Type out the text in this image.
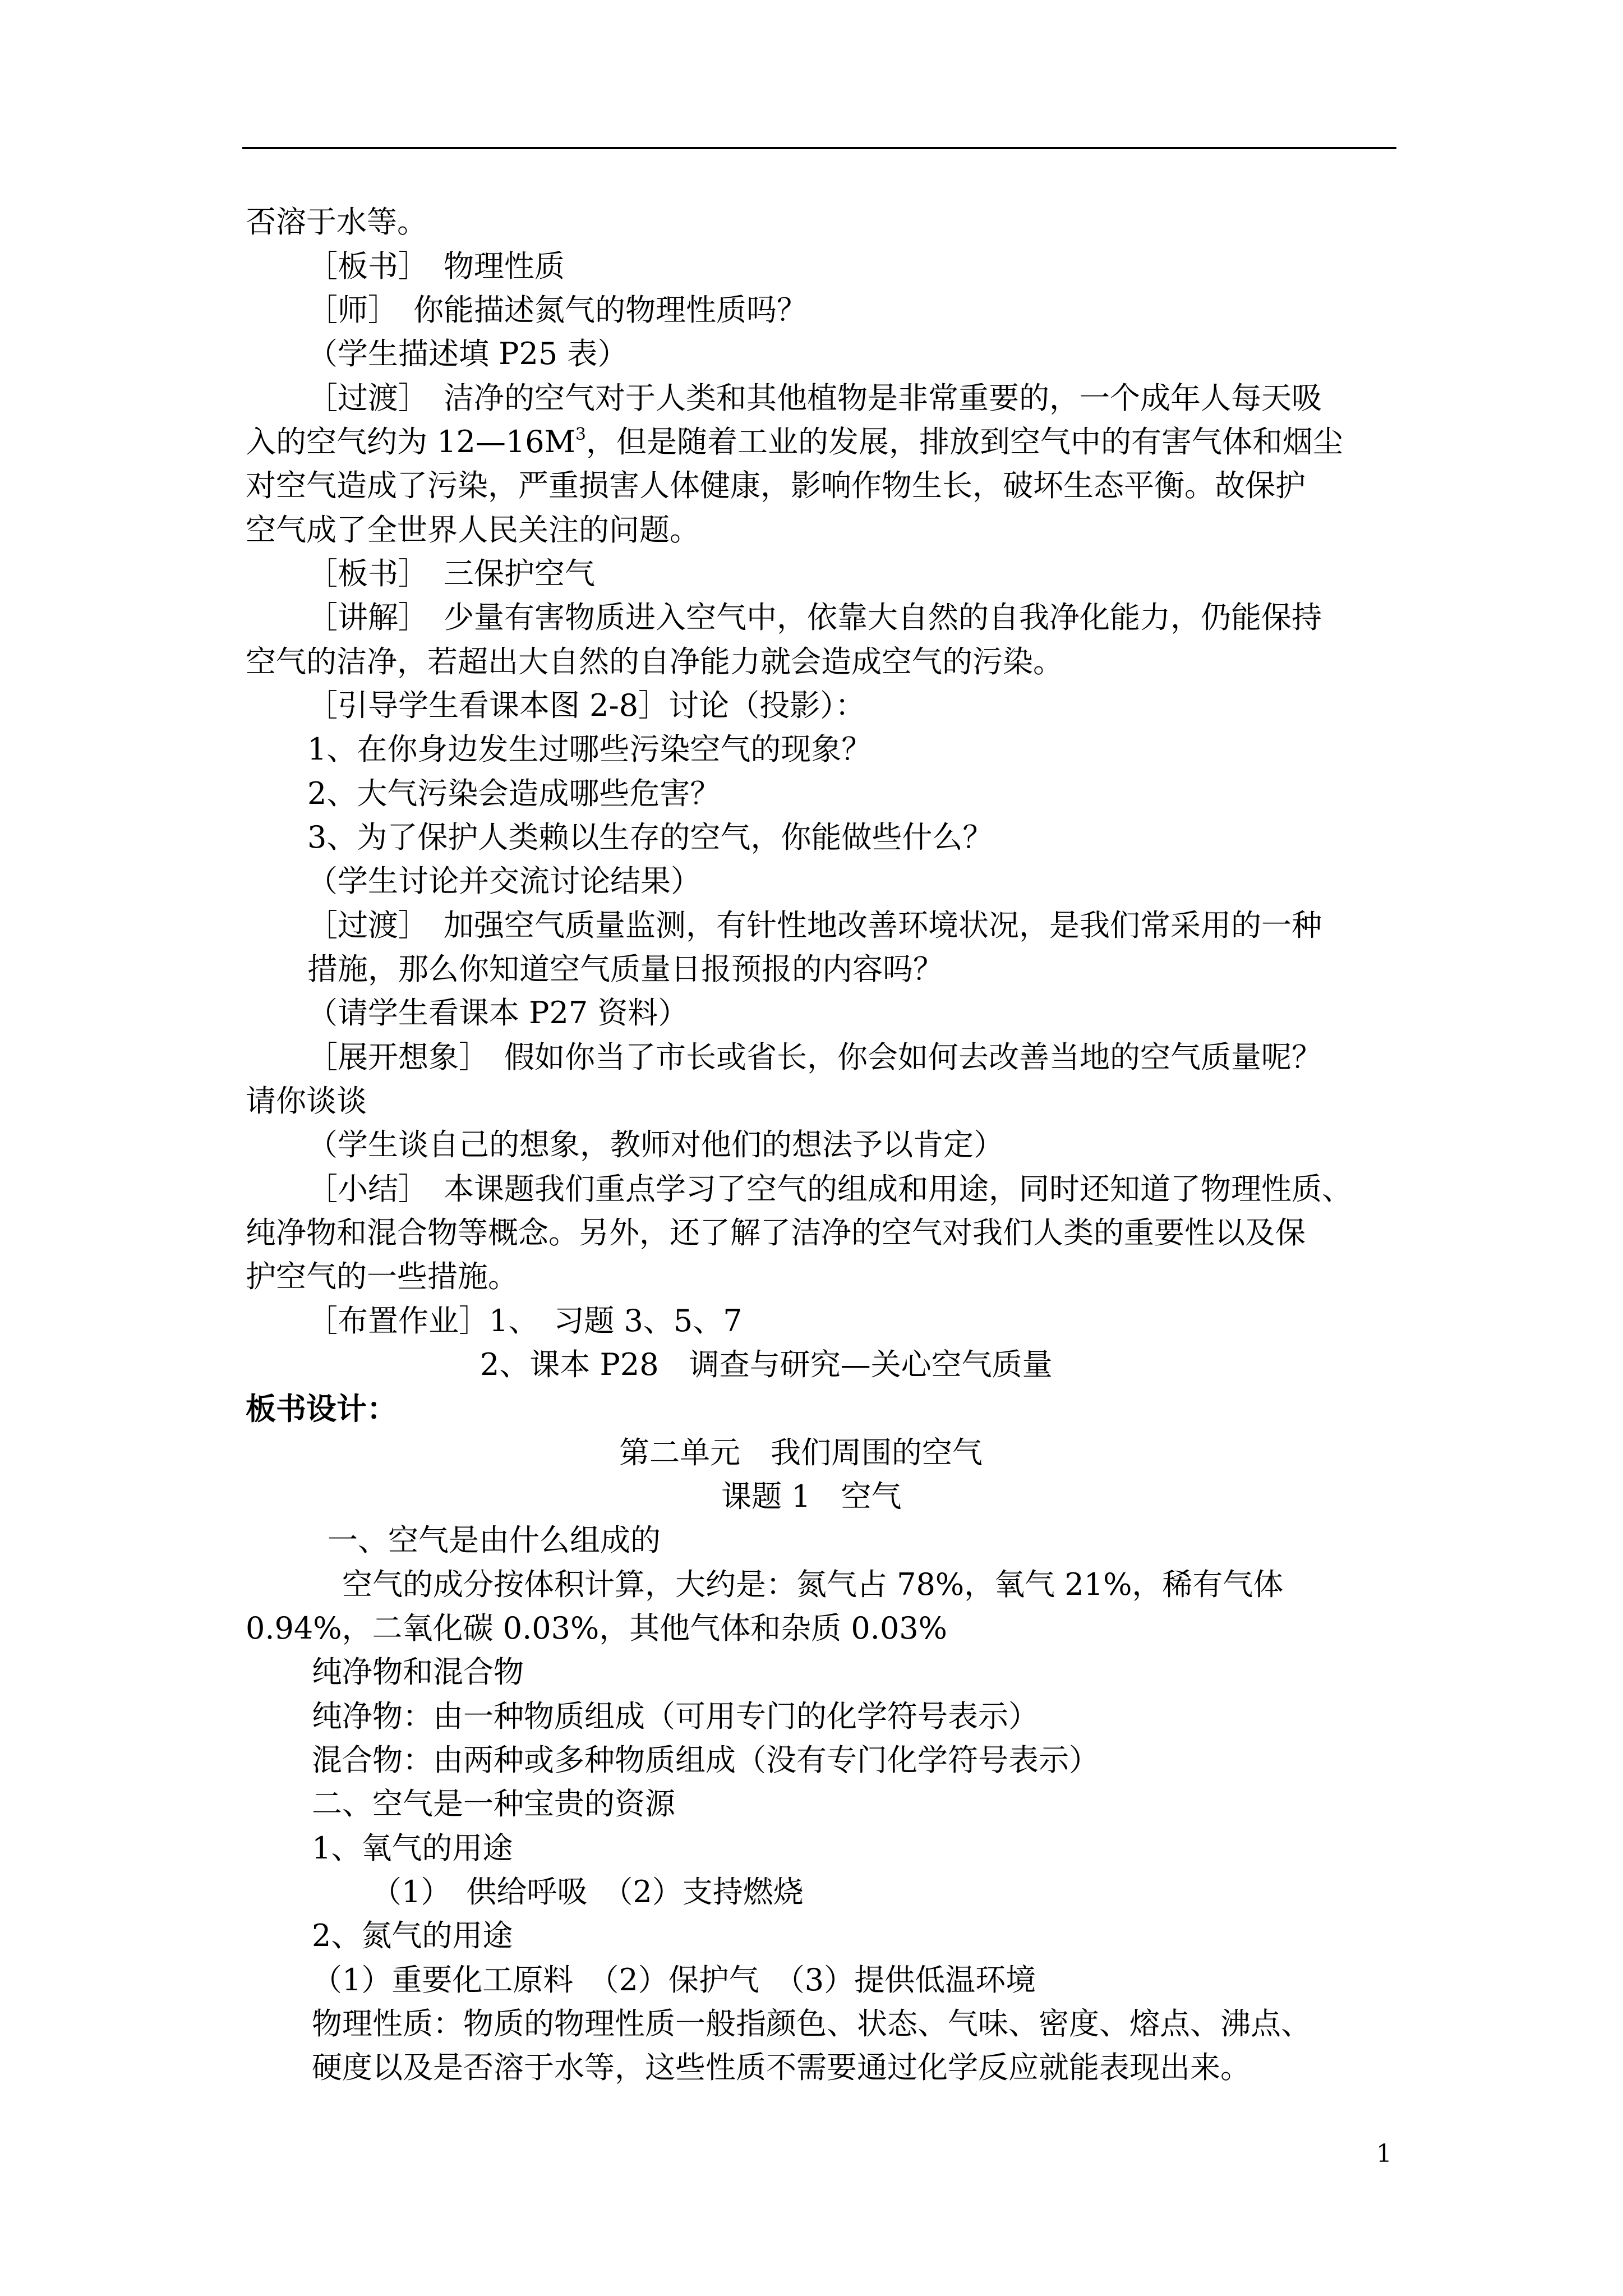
否溶于水等。
［板书］　物理性质
［师］　你能描述氮气的物理性质吗？
（学生描述填 P25 表）
［过渡］　洁净的空气对于人类和其他植物是非常重要的，一个成年人每天吸
入的空气约为 $12—16M^3$，但是随着工业的发展，排放到空气中的有害气体和烟尘
对空气造成了污染，严重损害人体健康，影响作物生长，破坏生态平衡。故保护
空气成了全世界人民关注的问题。
［板书］　三保护空气
［讲解］　少量有害物质进入空气中，依靠大自然的自我净化能力，仍能保持
空气的洁净，若超出大自然的自净能力就会造成空气的污染。
［引导学生看课本图 2-8］讨论（投影）：
1、在你身边发生过哪些污染空气的现象？
2、大气污染会造成哪些危害？
3、为了保护人类赖以生存的空气，你能做些什么？
（学生讨论并交流讨论结果）
［过渡］　加强空气质量监测，有针性地改善环境状况，是我们常采用的一种
措施，那么你知道空气质量日报预报的内容吗？
（请学生看课本 P27 资料）
［展开想象］　假如你当了市长或省长，你会如何去改善当地的空气质量呢？
请你谈谈
（学生谈自己的想象，教师对他们的想法予以肯定）
［小结］　本课题我们重点学习了空气的组成和用途，同时还知道了物理性质、
纯净物和混合物等概念。另外，还了解了洁净的空气对我们人类的重要性以及保
护空气的一些措施。
［布置作业］1、　习题 3、5、7
2、课本 P28　调查与研究—关心空气质量
板书设计：
第二单元　我们周围的空气
课题 1　空气
一、空气是由什么组成的
空气的成分按体积计算，大约是：氮气占 78%，氧气 21%，稀有气体
0.94%，二氧化碳 0.03%，其他气体和杂质 0.03%
纯净物和混合物
纯净物：由一种物质组成（可用专门的化学符号表示）
混合物：由两种或多种物质组成（没有专门化学符号表示）
二、空气是一种宝贵的资源
1、氧气的用途
（1）　供给呼吸　（2）支持燃烧
2、氮气的用途
（1）重要化工原料　（2）保护气　（3）提供低温环境
物理性质：物质的物理性质一般指颜色、状态、气味、密度、熔点、沸点、
硬度以及是否溶于水等，这些性质不需要通过化学反应就能表现出来。
1
